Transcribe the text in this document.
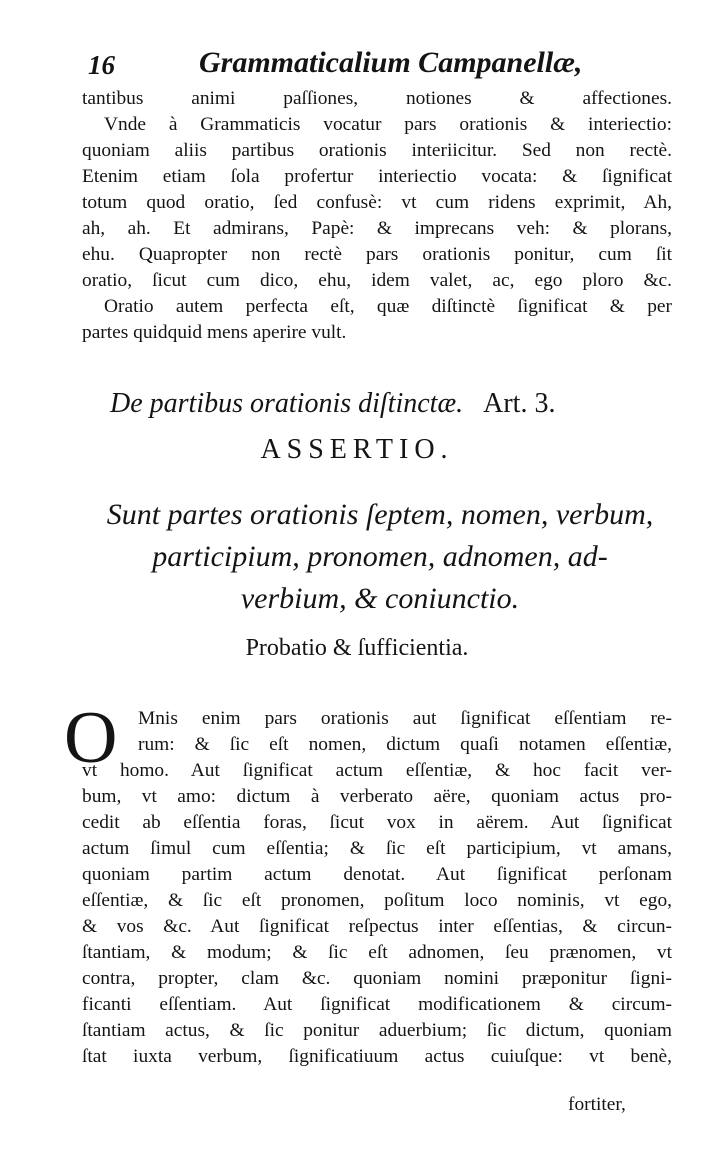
16	Grammaticalium Campanellæ,
tantibus animi paſſiones, notiones & affectiones.
Vnde à Grammaticis vocatur pars orationis & interiectio:
quoniam aliis partibus orationis interiicitur. Sed non rectè.
Etenim etiam ſola profertur interiectio vocata: & ſignificat
totum quod oratio, ſed confusè: vt cum ridens exprimit, Ah,
ah, ah. Et admirans, Papè: & imprecans veh: & plorans,
ehu. Quapropter non rectè pars orationis ponitur, cum ſit
oratio, ſicut cum dico, ehu, idem valet, ac, ego ploro &c.
Oratio autem perfecta eſt, quæ diſtinctè ſignificat & per
partes quidquid mens aperire vult.
De partibus orationis diſtinctæ. Art. 3.
ASSERTIO.
Sunt partes orationis ſeptem, nomen, verbum,
participium, pronomen, adnomen, ad-
verbium, & coniunctio.
Probatio & ſufficientia.
O	Mnis enim pars orationis aut ſignificat eſſentiam re-
rum: & ſic eſt nomen, dictum quaſi notamen eſſentiæ,
vt homo. Aut ſignificat actum eſſentiæ, & hoc facit ver-
bum, vt amo: dictum à verberato aëre, quoniam actus pro-
cedit ab eſſentia foras, ſicut vox in aërem. Aut ſignificat
actum ſimul cum eſſentia; & ſic eſt participium, vt amans,
quoniam partim actum denotat. Aut ſignificat perſonam
eſſentiæ, & ſic eſt pronomen, poſitum loco nominis, vt ego,
& vos &c. Aut ſignificat reſpectus inter eſſentias, & circun-
ſtantiam, & modum; & ſic eſt adnomen, ſeu prænomen, vt
contra, propter, clam &c. quoniam nomini præponitur ſigni-
ficanti eſſentiam. Aut ſignificat modificationem & circum-
ſtantiam actus, & ſic ponitur aduerbium; ſic dictum, quoniam
ſtat iuxta verbum, ſignificatiuum actus cuiuſque: vt benè,
fortiter,
